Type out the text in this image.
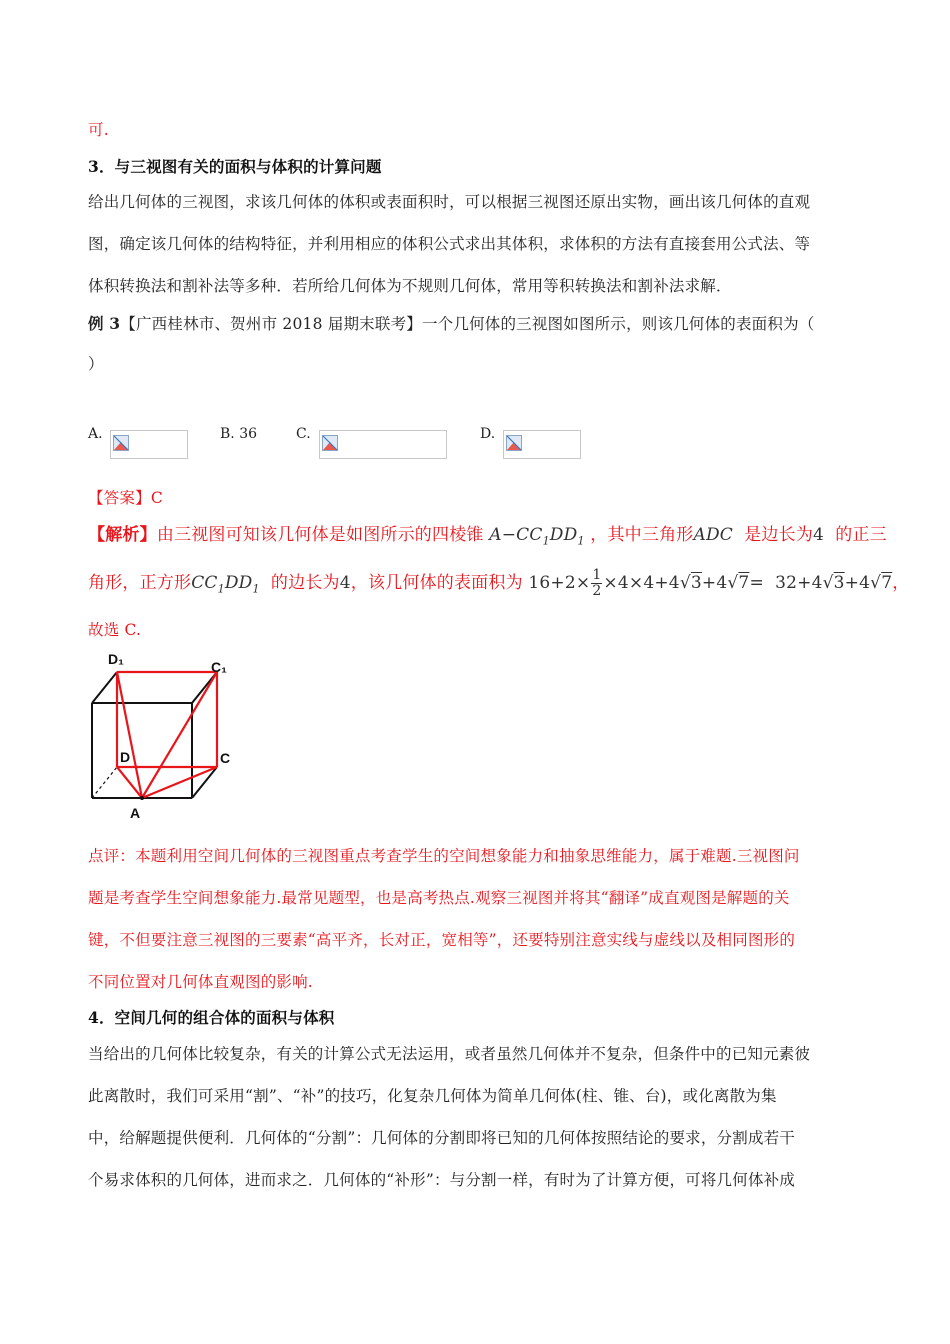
可.
3．与三视图有关的面积与体积的计算问题
给出几何体的三视图，求该几何体的体积或表面积时，可以根据三视图还原出实物，画出该几何体的直观
图，确定该几何体的结构特征，并利用相应的体积公式求出其体积，求体积的方法有直接套用公式法、等
体积转换法和割补法等多种．若所给几何体为不规则几何体，常用等积转换法和割补法求解．
例 3【广西桂林市、贺州市 2018 届期末联考】一个几何体的三视图如图所示，则该几何体的表面积为（
）
A.	B. 36	C.	D.
【答案】C
【解析】由三视图可知该几何体是如图所示的四棱锥 $A-CC_1DD_1$ ，其中三角形ADC 是边长为4 的正三
角形，正方形$CC_1DD_1$ 的边长为4，该几何体的表面积为 $16+2\times \frac{1}{2} \times 4\times 4+4√3+4√7= 32+4√3+4√7$，
故选 C.
D₁	C₁
D	C
A
点评：本题利用空间几何体的三视图重点考查学生的空间想象能力和抽象思维能力，属于难题.三视图问
题是考查学生空间想象能力.最常见题型，也是高考热点.观察三视图并将其“翻译”成直观图是解题的关
键，不但要注意三视图的三要素“高平齐，长对正，宽相等”，还要特别注意实线与虚线以及相同图形的
不同位置对几何体直观图的影响.
4．空间几何的组合体的面积与体积
当给出的几何体比较复杂，有关的计算公式无法运用，或者虽然几何体并不复杂，但条件中的已知元素彼
此离散时，我们可采用“割”、“补”的技巧，化复杂几何体为简单几何体(柱、锥、台)，或化离散为集
中，给解题提供便利．几何体的“分割”：几何体的分割即将已知的几何体按照结论的要求，分割成若干
个易求体积的几何体，进而求之．几何体的“补形”：与分割一样，有时为了计算方便，可将几何体补成
